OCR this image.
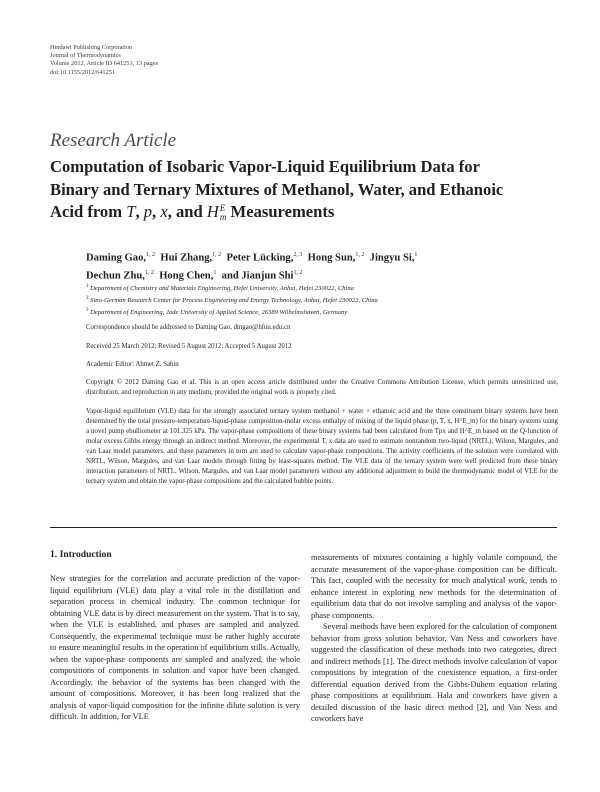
Hindawi Publishing Corporation
Journal of Thermodynamics
Volume 2012, Article ID 641251, 13 pages
doi:10.1155/2012/641251
Research Article
Computation of Isobaric Vapor-Liquid Equilibrium Data for
Binary and Ternary Mixtures of Methanol, Water, and Ethanoic
Acid from T, p, x, and H E
m Measurements
Daming Gao,$^{1, 2}$ Hui Zhang,$^{1, 2}$ Peter Lücking,$^{2, 3}$ Hong Sun,$^{1, 2}$ Jingyu Si,$^1$
Dechun Zhu,$^{1, 2}$ Hong Chen,$^1$ and Jianjun Shi$^{1, 2}$
$^1$ Department of Chemistry and Materials Engineering, Hefei University, Anhui, Hefei 230022, China
$^2$ Sino-German Research Center for Process Engineering and Energy Technology, Anhui, Hefei 230022, China
$^3$ Department of Engineering, Jade University of Applied Science, 26389 Wilhelmshaven, Germany
Correspondence should be addressed to Daming Gao, dmgao@hfuu.edu.cn
Received 25 March 2012; Revised 5 August 2012; Accepted 5 August 2012
Academic Editor: Ahmet Z. Sahin
Copyright © 2012 Daming Gao et al. This is an open access article distributed under the Creative Commons Attribution License, which permits unrestricted use, distribution, and reproduction in any medium, provided the original work is properly cited.
Vapor-liquid equilibrium (VLE) data for the strongly associated ternary system methanol + water + ethanoic acid and the three constituent binary systems have been determined by the total pressure-temperature-liquid-phase composition-molar excess enthalpy of mixing of the liquid phase (p, T, x, H^E_m) for the binary systems using a novel pump ebulliometer at 101.325 kPa. The vapor-phase compositions of these binary systems had been calculated from Tpx and H^E_m based on the Q-function of molar excess Gibbs energy through an indirect method. Moreover, the experimental T, x data are used to estimate nonrandom two-liquid (NRTL), Wilson, Margules, and van Laar model parameters, and these parameters in turn are used to calculate vapor-phase compositions. The activity coefficients of the solution were correlated with NRTL, Wilson, Margules, and van Laar models through fitting by least-squares method. The VLE data of the ternary system were well predicted from these binary interaction parameters of NRTL, Wilson, Margules, and van Laar model parameters without any additional adjustment to build the thermodynamic model of VLE for the ternary system and obtain the vapor-phase compositions and the calculated bubble points.
1. Introduction

New strategies for the correlation and accurate prediction of the vapor-liquid equilibrium (VLE) data play a vital role in the distillation and separation process in chemical industry. The common technique for obtaining VLE data is by direct measurement on the system. That is to say, when the VLE is established, and phases are sampled and analyzed. Consequently, the experimental technique must be rather highly accurate to ensure meaningful results in the operation of equilibrium stills. Actually, when the vapor-phase components are sampled and analyzed, the whole compositions of components in solution and vapor have been changed. Accordingly, the behavior of the systems has been changed with the amount of compositions. Moreover, it has been long realized that the analysis of vapor-liquid composition for the infinite dilute solution is very difficult. In addition, for VLE

measurements of mixtures containing a highly volatile compound, the accurate measurement of the vapor-phase composition can be difficult. This fact, coupled with the necessity for much analytical work, tends to enhance interest in exploring new methods for the determination of equilibrium data that do not involve sampling and analysis of the vapor-phase components.

Several methods have been explored for the calculation of component behavior from gross solution behavior. Van Ness and coworkers have suggested the classification of these methods into two categories, direct and indirect methods [1]. The direct methods involve calculation of vapor compositions by integration of the coexistence equation, a first-order differential equation derived from the Gibbs-Duhem equation relating phase compositions at equilibrium. Hala and coworkers have given a detailed discussion of the basic direct method [2], and Van Ness and coworkers have
